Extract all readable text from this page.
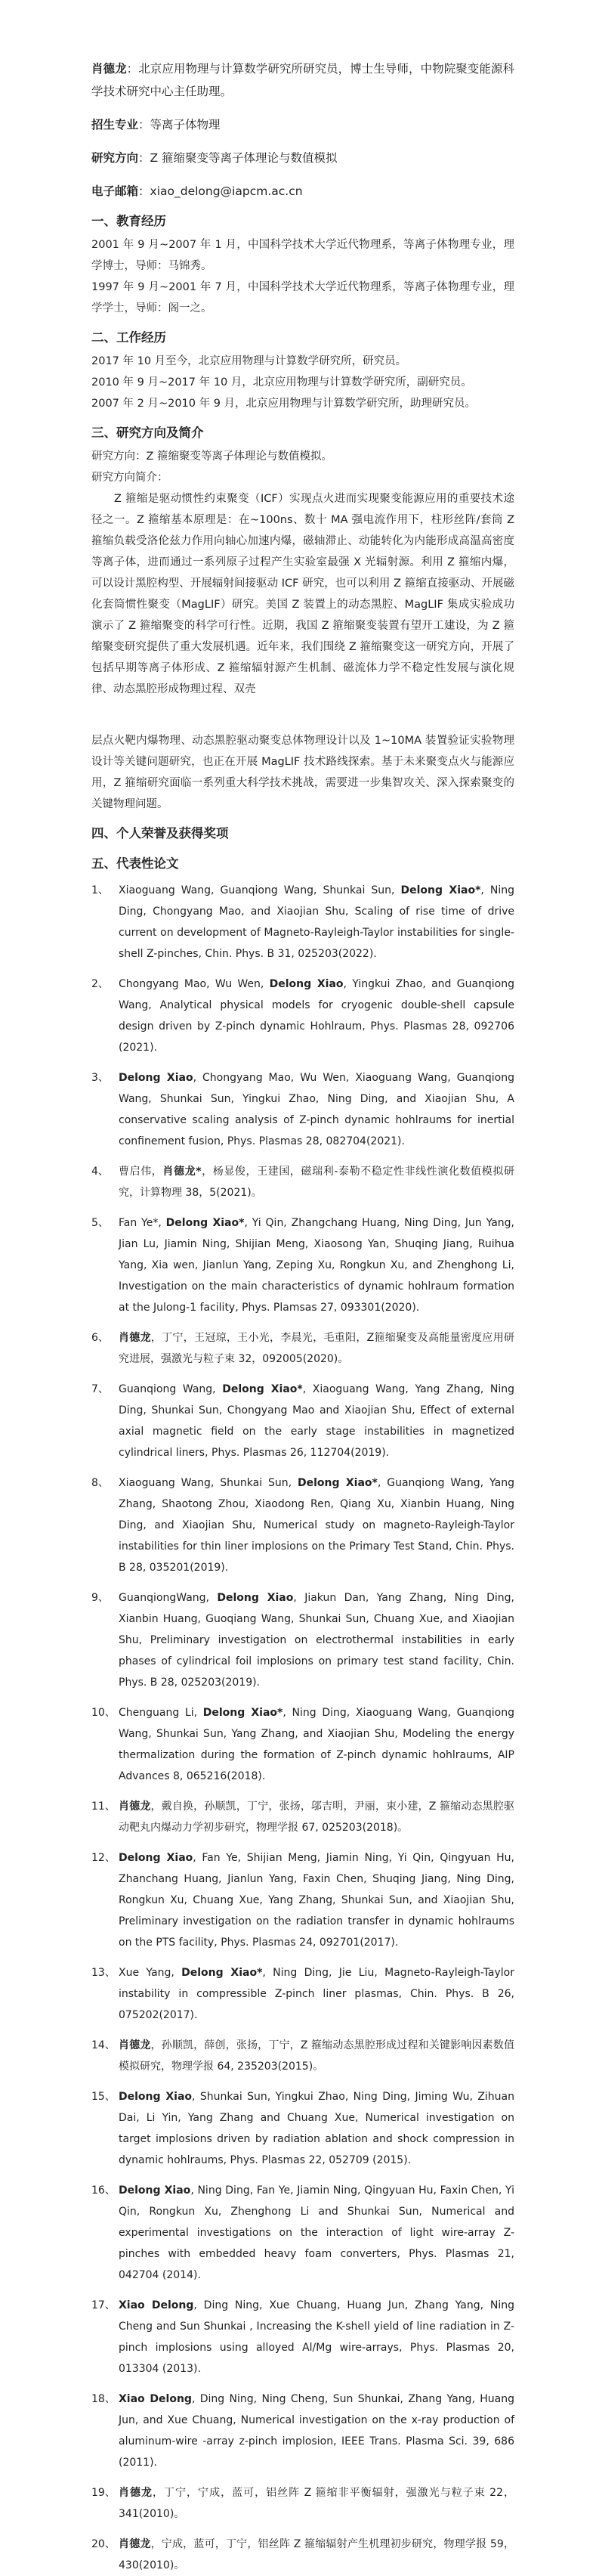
肖德龙：北京应用物理与计算数学研究所研究员，博士生导师，中物院聚变能源科学技术研究中心主任助理。

招生专业：等离子体物理

研究方向：Z 箍缩聚变等离子体理论与数值模拟

电子邮箱：xiao_delong@iapcm.ac.cn

一、教育经历

2001 年 9 月~2007 年 1 月，中国科学技术大学近代物理系，等离子体物理专业，理学博士，导师：马锦秀。

1997 年 9 月~2001 年 7 月，中国科学技术大学近代物理系，等离子体物理专业，理学学士，导师：阁一之。

二、工作经历

2017 年 10 月至今，北京应用物理与计算数学研究所，研究员。

2010 年 9 月~2017 年 10 月，北京应用物理与计算数学研究所，副研究员。

2007 年 2 月~2010 年 9 月，北京应用物理与计算数学研究所，助理研究员。

三、研究方向及简介

研究方向：Z 箍缩聚变等离子体理论与数值模拟。

研究方向简介：

Z 箍缩是驱动惯性约束聚变（ICF）实现点火进而实现聚变能源应用的重要技术途径之一。Z 箍缩基本原理是：在~100ns、数十 MA 强电流作用下，柱形丝阵/套筒 Z 箍缩负载受洛伦兹力作用向轴心加速内爆，磁轴滞止、动能转化为内能形成高温高密度等离子体，进而通过一系列原子过程产生实验室最强 X 光辐射源。利用 Z 箍缩内爆，可以设计黑腔构型、开展辐射间接驱动 ICF 研究，也可以利用 Z 箍缩直接驱动、开展磁化套筒惯性聚变（MagLIF）研究。美国 Z 装置上的动态黑腔、MagLIF 集成实验成功演示了 Z 箍缩聚变的科学可行性。近期，我国 Z 箍缩聚变装置有望开工建设，为 Z 箍缩聚变研究提供了重大发展机遇。近年来，我们围绕 Z 箍缩聚变这一研究方向，开展了包括早期等离子体形成、Z 箍缩辐射源产生机制、磁流体力学不稳定性发展与演化规律、动态黑腔形成物理过程、双壳

层点火靶内爆物理、动态黑腔驱动聚变总体物理设计以及 1~10MA 装置验证实验物理设计等关键问题研究，也正在开展 MagLIF 技术路线探索。基于未来聚变点火与能源应用，Z 箍缩研究面临一系列重大科学技术挑战，需要进一步集智攻关、深入探索聚变的关键物理问题。

四、个人荣誉及获得奖项
五、代表性论文
1、 Xiaoguang Wang, Guanqiong Wang, Shunkai Sun, Delong Xiao*, Ning Ding, Chongyang Mao, and Xiaojian Shu, Scaling of rise time of drive current on development of Magneto-Rayleigh-Taylor instabilities for single-shell Z-pinches, Chin. Phys. B 31, 025203(2022).
2、 Chongyang Mao, Wu Wen, Delong Xiao, Yingkui Zhao, and Guanqiong Wang, Analytical physical models for cryogenic double-shell capsule design driven by Z-pinch dynamic Hohlraum, Phys. Plasmas 28, 092706 (2021).
3、 Delong Xiao, Chongyang Mao, Wu Wen, Xiaoguang Wang, Guanqiong Wang, Shunkai Sun, Yingkui Zhao, Ning Ding, and Xiaojian Shu, A conservative scaling analysis of Z-pinch dynamic hohlraums for inertial confinement fusion, Phys. Plasmas 28, 082704(2021).
4、 曹启伟，肖德龙*，杨显俊，王建国，磁瑞利-泰勒不稳定性非线性演化数值模拟研究，计算物理 38，5(2021)。
5、 Fan Ye*, Delong Xiao*, Yi Qin, Zhangchang Huang, Ning Ding, Jun Yang, Jian Lu, Jiamin Ning, Shijian Meng, Xiaosong Yan, Shuqing Jiang, Ruihua Yang, Xia wen, Jianlun Yang, Zeping Xu, Rongkun Xu, and Zhenghong Li, Investigation on the main characteristics of dynamic hohlraum formation at the Julong-1 facility, Phys. Plamsas 27, 093301(2020).
6、 肖德龙，丁宁，王冠琼，王小光，李晨光，毛重阳，Z箍缩聚变及高能量密度应用研究进展，强激光与粒子束 32，092005(2020)。
7、 Guanqiong Wang, Delong Xiao*, Xiaoguang Wang, Yang Zhang, Ning Ding, Shunkai Sun, Chongyang Mao and Xiaojian Shu, Effect of external axial magnetic field on the early stage instabilities in magnetized cylindrical liners, Phys. Plasmas 26, 112704(2019).
8、 Xiaoguang Wang, Shunkai Sun, Delong Xiao*, Guanqiong Wang, Yang Zhang, Shaotong Zhou, Xiaodong Ren, Qiang Xu, Xianbin Huang, Ning Ding, and Xiaojian Shu, Numerical study on magneto-Rayleigh-Taylor instabilities for thin liner implosions on the Primary Test Stand, Chin. Phys. B 28, 035201(2019).
9、 GuanqiongWang, Delong Xiao, Jiakun Dan, Yang Zhang, Ning Ding, Xianbin Huang, Guoqiang Wang, Shunkai Sun, Chuang Xue, and Xiaojian Shu, Preliminary investigation on electrothermal instabilities in early phases of cylindrical foil implosions on primary test stand facility, Chin. Phys. B 28, 025203(2019).
10、 Chenguang Li, Delong Xiao*, Ning Ding, Xiaoguang Wang, Guanqiong Wang, Shunkai Sun, Yang Zhang, and Xiaojian Shu, Modeling the energy thermalization during the formation of Z-pinch dynamic hohlraums, AIP Advances 8, 065216(2018).
11、 肖德龙，戴自换，孙顺凯，丁宁，张扬，邬吉明，尹丽，束小建，Z 箍缩动态黑腔驱动靶丸内爆动力学初步研究，物理学报 67, 025203(2018)。
12、 Delong Xiao, Fan Ye, Shijian Meng, Jiamin Ning, Yi Qin, Qingyuan Hu, Zhanchang Huang, Jianlun Yang, Faxin Chen, Shuqing Jiang, Ning Ding, Rongkun Xu, Chuang Xue, Yang Zhang, Shunkai Sun, and Xiaojian Shu, Preliminary investigation on the radiation transfer in dynamic hohlraums on the PTS facility, Phys. Plasmas 24, 092701(2017).
13、 Xue Yang, Delong Xiao*, Ning Ding, Jie Liu, Magneto-Rayleigh-Taylor instability in compressible Z-pinch liner plasmas, Chin. Phys. B 26, 075202(2017).
14、 肖德龙，孙顺凯，薛创，张扬，丁宁，Z 箍缩动态黑腔形成过程和关键影响因素数值模拟研究，物理学报 64, 235203(2015)。
15、 Delong Xiao, Shunkai Sun, Yingkui Zhao, Ning Ding, Jiming Wu, Zihuan Dai, Li Yin, Yang Zhang and Chuang Xue, Numerical investigation on target implosions driven by radiation ablation and shock compression in dynamic hohlraums, Phys. Plasmas 22, 052709 (2015).
16、 Delong Xiao, Ning Ding, Fan Ye, Jiamin Ning, Qingyuan Hu, Faxin Chen, Yi Qin, Rongkun Xu, Zhenghong Li and Shunkai Sun, Numerical and experimental investigations on the interaction of light wire-array Z-pinches with embedded heavy foam converters, Phys. Plasmas 21, 042704 (2014).
17、 Xiao Delong, Ding Ning, Xue Chuang, Huang Jun, Zhang Yang, Ning Cheng and Sun Shunkai , Increasing the K-shell yield of line radiation in Z-pinch implosions using alloyed Al/Mg wire-arrays, Phys. Plasmas 20, 013304 (2013).
18、 Xiao Delong, Ding Ning, Ning Cheng, Sun Shunkai, Zhang Yang, Huang Jun, and Xue Chuang, Numerical investigation on the x-ray production of aluminum-wire -array z-pinch implosion, IEEE Trans. Plasma Sci. 39, 686 (2011).
19、 肖德龙，丁宁，宁成，蓝可，铝丝阵 Z 箍缩非平衡辐射，强激光与粒子束 22，341(2010)。
20、 肖德龙，宁成，蓝可，丁宁，铝丝阵 Z 箍缩辐射产生机理初步研究，物理学报 59，430(2010)。
